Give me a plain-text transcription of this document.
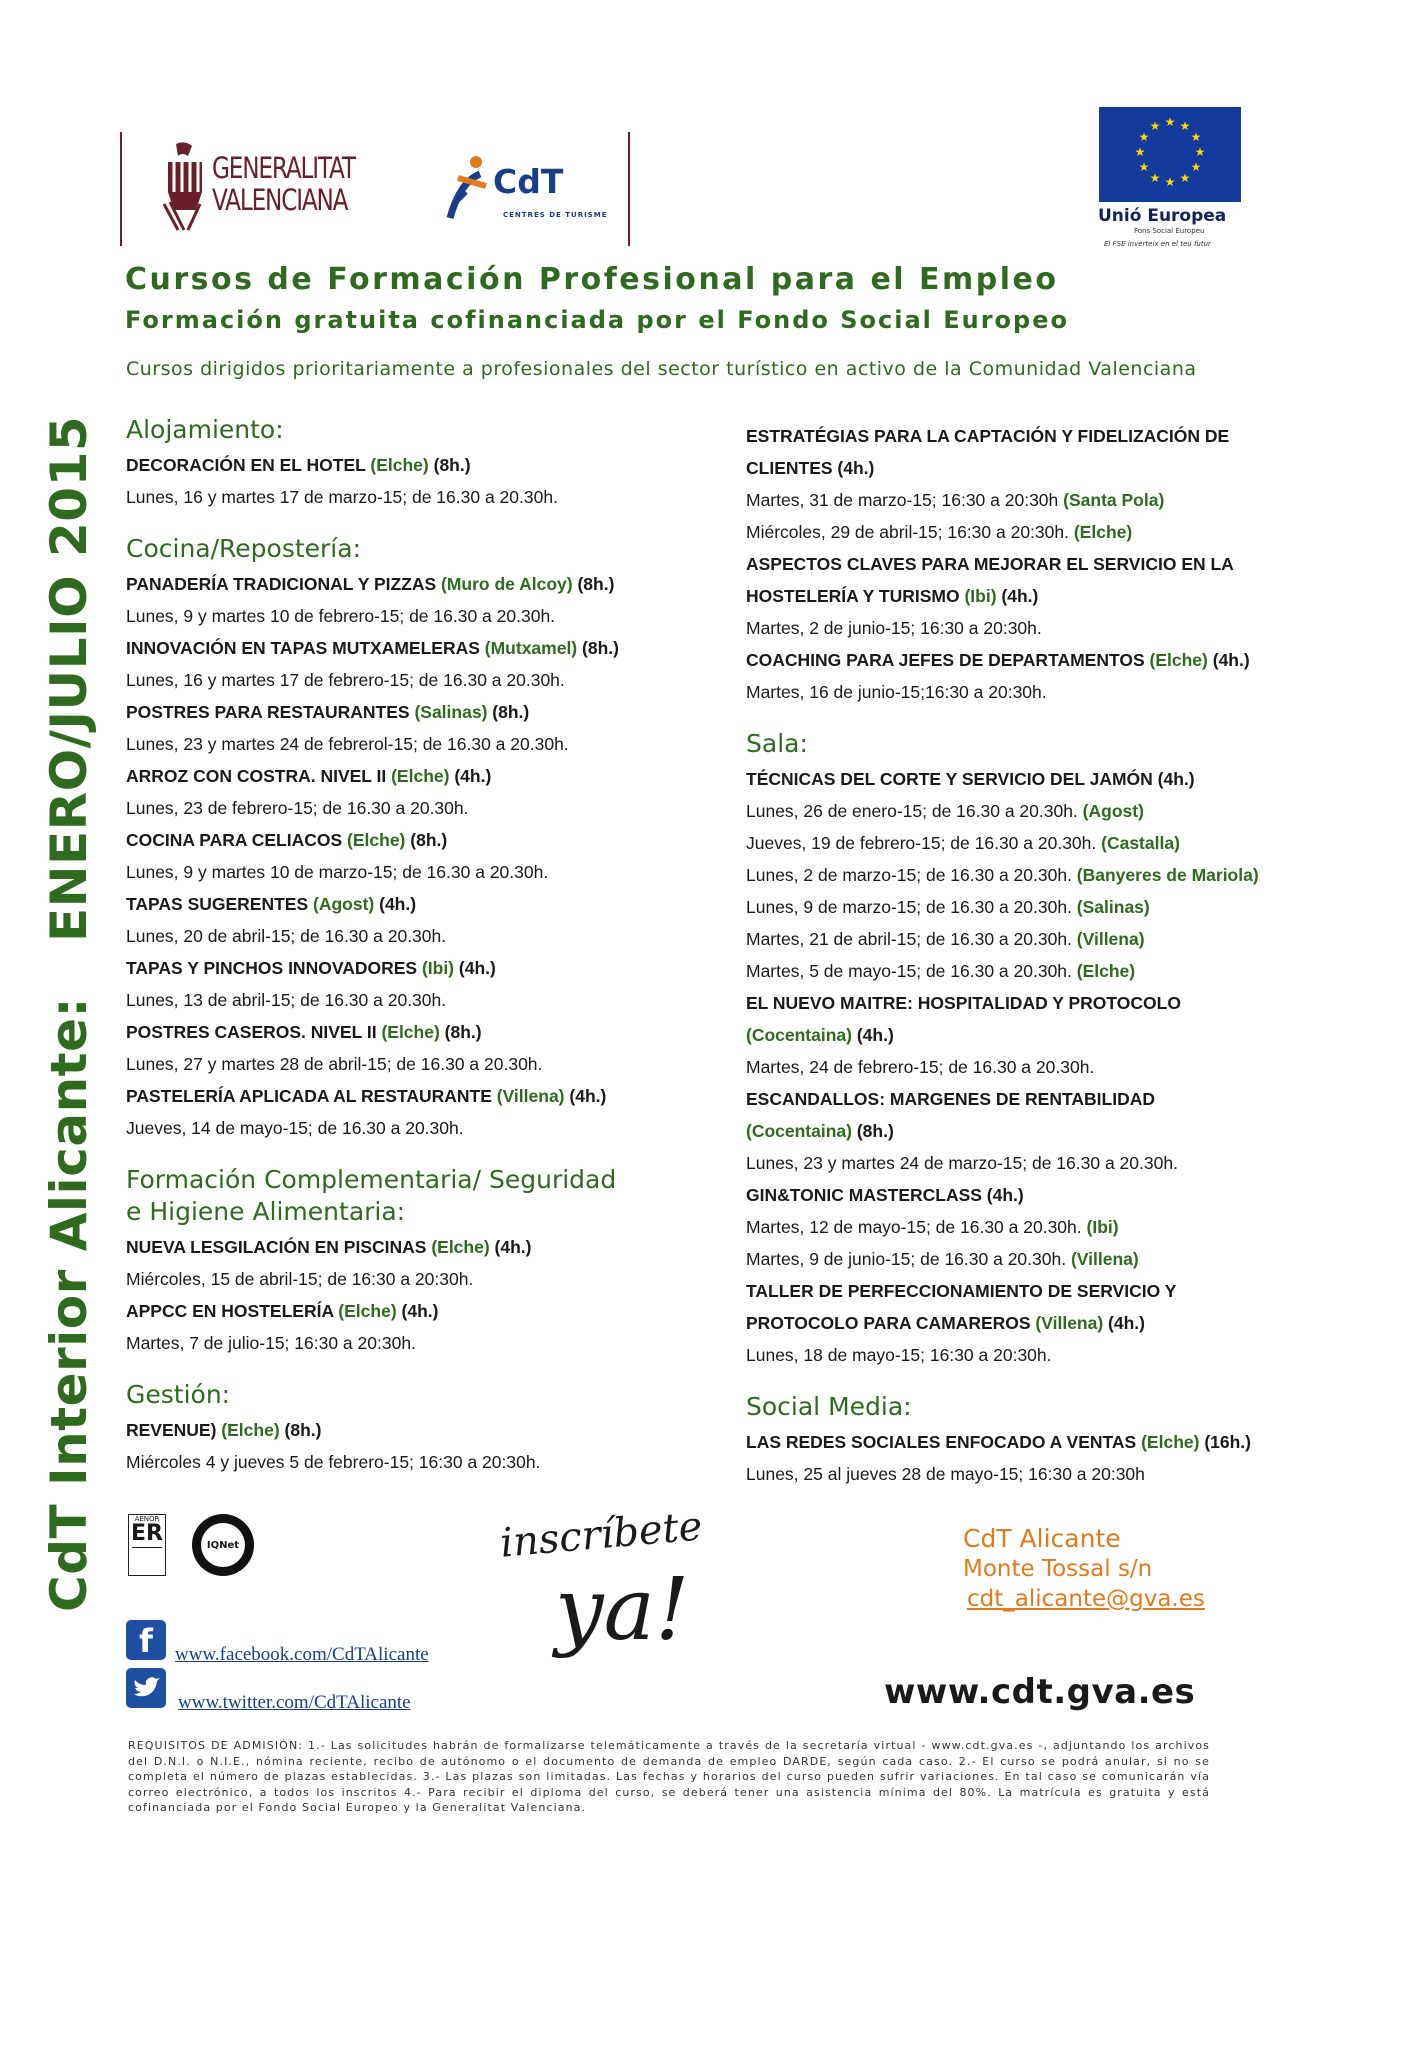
CdT Interior Alicante:ENERO/JULIO 2015
GENERALITAT
VALENCIANA	CdT
CENTRES DE TURISME
★
★
★
★
★
★
★
★
★ ★ ★
★
Unió Europea
Fons Social Europeu
El FSE inverteix en el teu futur
Cursos de Formación Profesional para el Empleo
Formación gratuita cofinanciada por el Fondo Social Europeo
Cursos dirigidos prioritariamente a profesionales del sector turístico en activo de la Comunidad Valenciana
Alojamiento:
DECORACIÓN EN EL HOTEL (Elche) (8h.)
Lunes, 16 y martes 17 de marzo-15; de 16.30 a 20.30h.
Cocina/Repostería:
PANADERÍA TRADICIONAL Y PIZZAS (Muro de Alcoy) (8h.)
Lunes, 9 y martes 10 de febrero-15; de 16.30 a 20.30h.
INNOVACIÓN EN TAPAS MUTXAMELERAS (Mutxamel) (8h.)
Lunes, 16 y martes 17 de febrero-15; de 16.30 a 20.30h.
POSTRES PARA RESTAURANTES (Salinas) (8h.)
Lunes, 23 y martes 24 de febrerol-15; de 16.30 a 20.30h.
ARROZ CON COSTRA. NIVEL II (Elche) (4h.)
Lunes, 23 de febrero-15; de 16.30 a 20.30h.
COCINA PARA CELIACOS (Elche) (8h.)
Lunes, 9 y martes 10 de marzo-15; de 16.30 a 20.30h.
TAPAS SUGERENTES (Agost) (4h.)
Lunes, 20 de abril-15; de 16.30 a 20.30h.
TAPAS Y PINCHOS INNOVADORES (Ibi) (4h.)
Lunes, 13 de abril-15; de 16.30 a 20.30h.
POSTRES CASEROS. NIVEL II (Elche) (8h.)
Lunes, 27 y martes 28 de abril-15; de 16.30 a 20.30h.
PASTELERÍA APLICADA AL RESTAURANTE (Villena) (4h.)
Jueves, 14 de mayo-15; de 16.30 a 20.30h.
Formación Complementaria/ Seguridad
e Higiene Alimentaria:
NUEVA LESGILACIÓN EN PISCINAS (Elche) (4h.)
Miércoles, 15 de abril-15; de 16:30 a 20:30h.
APPCC EN HOSTELERÍA (Elche) (4h.)
Martes, 7 de julio-15; 16:30 a 20:30h.
Gestión:
REVENUE) (Elche) (8h.)
Miércoles 4 y jueves 5 de febrero-15; 16:30 a 20:30h.
ESTRATÉGIAS PARA LA CAPTACIÓN Y FIDELIZACIÓN DE
CLIENTES (4h.)
Martes, 31 de marzo-15; 16:30 a 20:30h (Santa Pola)
Miércoles, 29 de abril-15; 16:30 a 20:30h. (Elche)
ASPECTOS CLAVES PARA MEJORAR EL SERVICIO EN LA
HOSTELERÍA Y TURISMO (Ibi) (4h.)
Martes, 2 de junio-15; 16:30 a 20:30h.
COACHING PARA JEFES DE DEPARTAMENTOS (Elche) (4h.)
Martes, 16 de junio-15;16:30 a 20:30h.
Sala:
TÉCNICAS DEL CORTE Y SERVICIO DEL JAMÓN (4h.)
Lunes, 26 de enero-15; de 16.30 a 20.30h. (Agost)
Jueves, 19 de febrero-15; de 16.30 a 20.30h. (Castalla)
Lunes, 2 de marzo-15; de 16.30 a 20.30h. (Banyeres de Mariola)
Lunes, 9 de marzo-15; de 16.30 a 20.30h. (Salinas)
Martes, 21 de abril-15; de 16.30 a 20.30h. (Villena)
Martes, 5 de mayo-15; de 16.30 a 20.30h. (Elche)
EL NUEVO MAITRE: HOSPITALIDAD Y PROTOCOLO
(Cocentaina) (4h.)
Martes, 24 de febrero-15; de 16.30 a 20.30h.
ESCANDALLOS: MARGENES DE RENTABILIDAD
(Cocentaina) (8h.)
Lunes, 23 y martes 24 de marzo-15; de 16.30 a 20.30h.
GIN&TONIC MASTERCLASS (4h.)
Martes, 12 de mayo-15; de 16.30 a 20.30h. (Ibi)
Martes, 9 de junio-15; de 16.30 a 20.30h. (Villena)
TALLER DE PERFECCIONAMIENTO DE SERVICIO Y
PROTOCOLO PARA CAMAREROS (Villena) (4h.)
Lunes, 18 de mayo-15; 16:30 a 20:30h.
Social Media:
LAS REDES SOCIALES ENFOCADO A VENTAS (Elche) (16h.)
Lunes, 25 al jueves 28 de mayo-15; 16:30 a 20:30h
AENOR
ER	IQNet
f	www.facebook.com/CdTAlicante
www.twitter.com/CdTAlicante
inscríbete
ya!
CdT Alicante
Monte Tossal s/n
cdt_alicante@gva.es
www.cdt.gva.es
REQUISITOS DE ADMISIÓN: 1.- Las solicitudes habrán de formalizarse telemáticamente a través de la secretaría virtual - www.cdt.gva.es -, adjuntando los archivos del D.N.I. o N.I.E., nómina reciente, recibo de autónomo o el documento de demanda de empleo DARDE, según cada caso. 2.- El curso se podrá anular, si no se completa el número de plazas establecidas. 3.- Las plazas son limitadas. Las fechas y horarios del curso pueden sufrir variaciones. En tal caso se comunicarán vía correo electrónico, a todos los inscritos 4.- Para recibir el diploma del curso, se deberá tener una asistencia mínima del 80%. La matrícula es gratuita y está cofinanciada por el Fondo Social Europeo y la Generalitat Valenciana.
